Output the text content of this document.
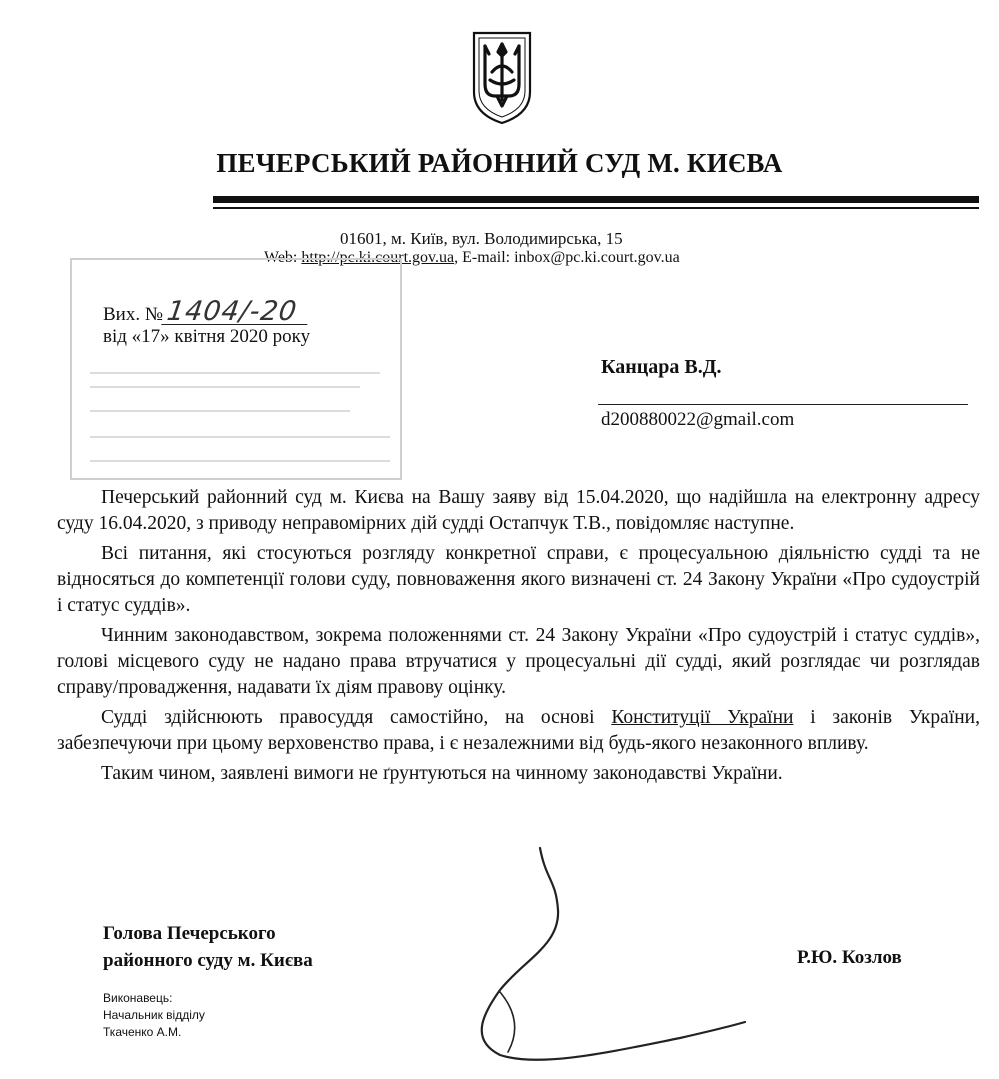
ПЕЧЕРСЬКИЙ РАЙОННИЙ СУД М. КИЄВА
01601, м. Київ, вул. Володимирська, 15
Web: http://pc.ki.court.gov.ua, E-mail: inbox@pc.ki.court.gov.ua
Вих. №1404/-20
від «17» квітня 2020 року
Канцара В.Д.
d200880022@gmail.com

Печерський районний суд м. Києва на Вашу заяву від 15.04.2020, що надійшла на електронну адресу суду 16.04.2020, з приводу неправомірних дій судді Остапчук Т.В., повідомляє наступне.

Всі питання, які стосуються розгляду конкретної справи, є процесуальною діяльністю судді та не відносяться до компетенції голови суду, повноваження якого визначені ст. 24 Закону України «Про судоустрій і статус суддів».

Чинним законодавством, зокрема положеннями ст. 24 Закону України «Про судоустрій і статус суддів», голові місцевого суду не надано права втручатися у процесуальні дії судді, який розглядає чи розглядав справу/провадження, надавати їх діям правову оцінку.

Судді здійснюють правосуддя самостійно, на основі Конституції України і законів України, забезпечуючи при цьому верховенство права, і є незалежними від будь-якого незаконного впливу.

Таким чином, заявлені вимоги не ґрунтуються на чинному законодавстві України.

Голова Печерського
районного суду м. Києва	Р.Ю. Козлов
Виконавець:
Начальник відділу
Ткаченко А.М.
